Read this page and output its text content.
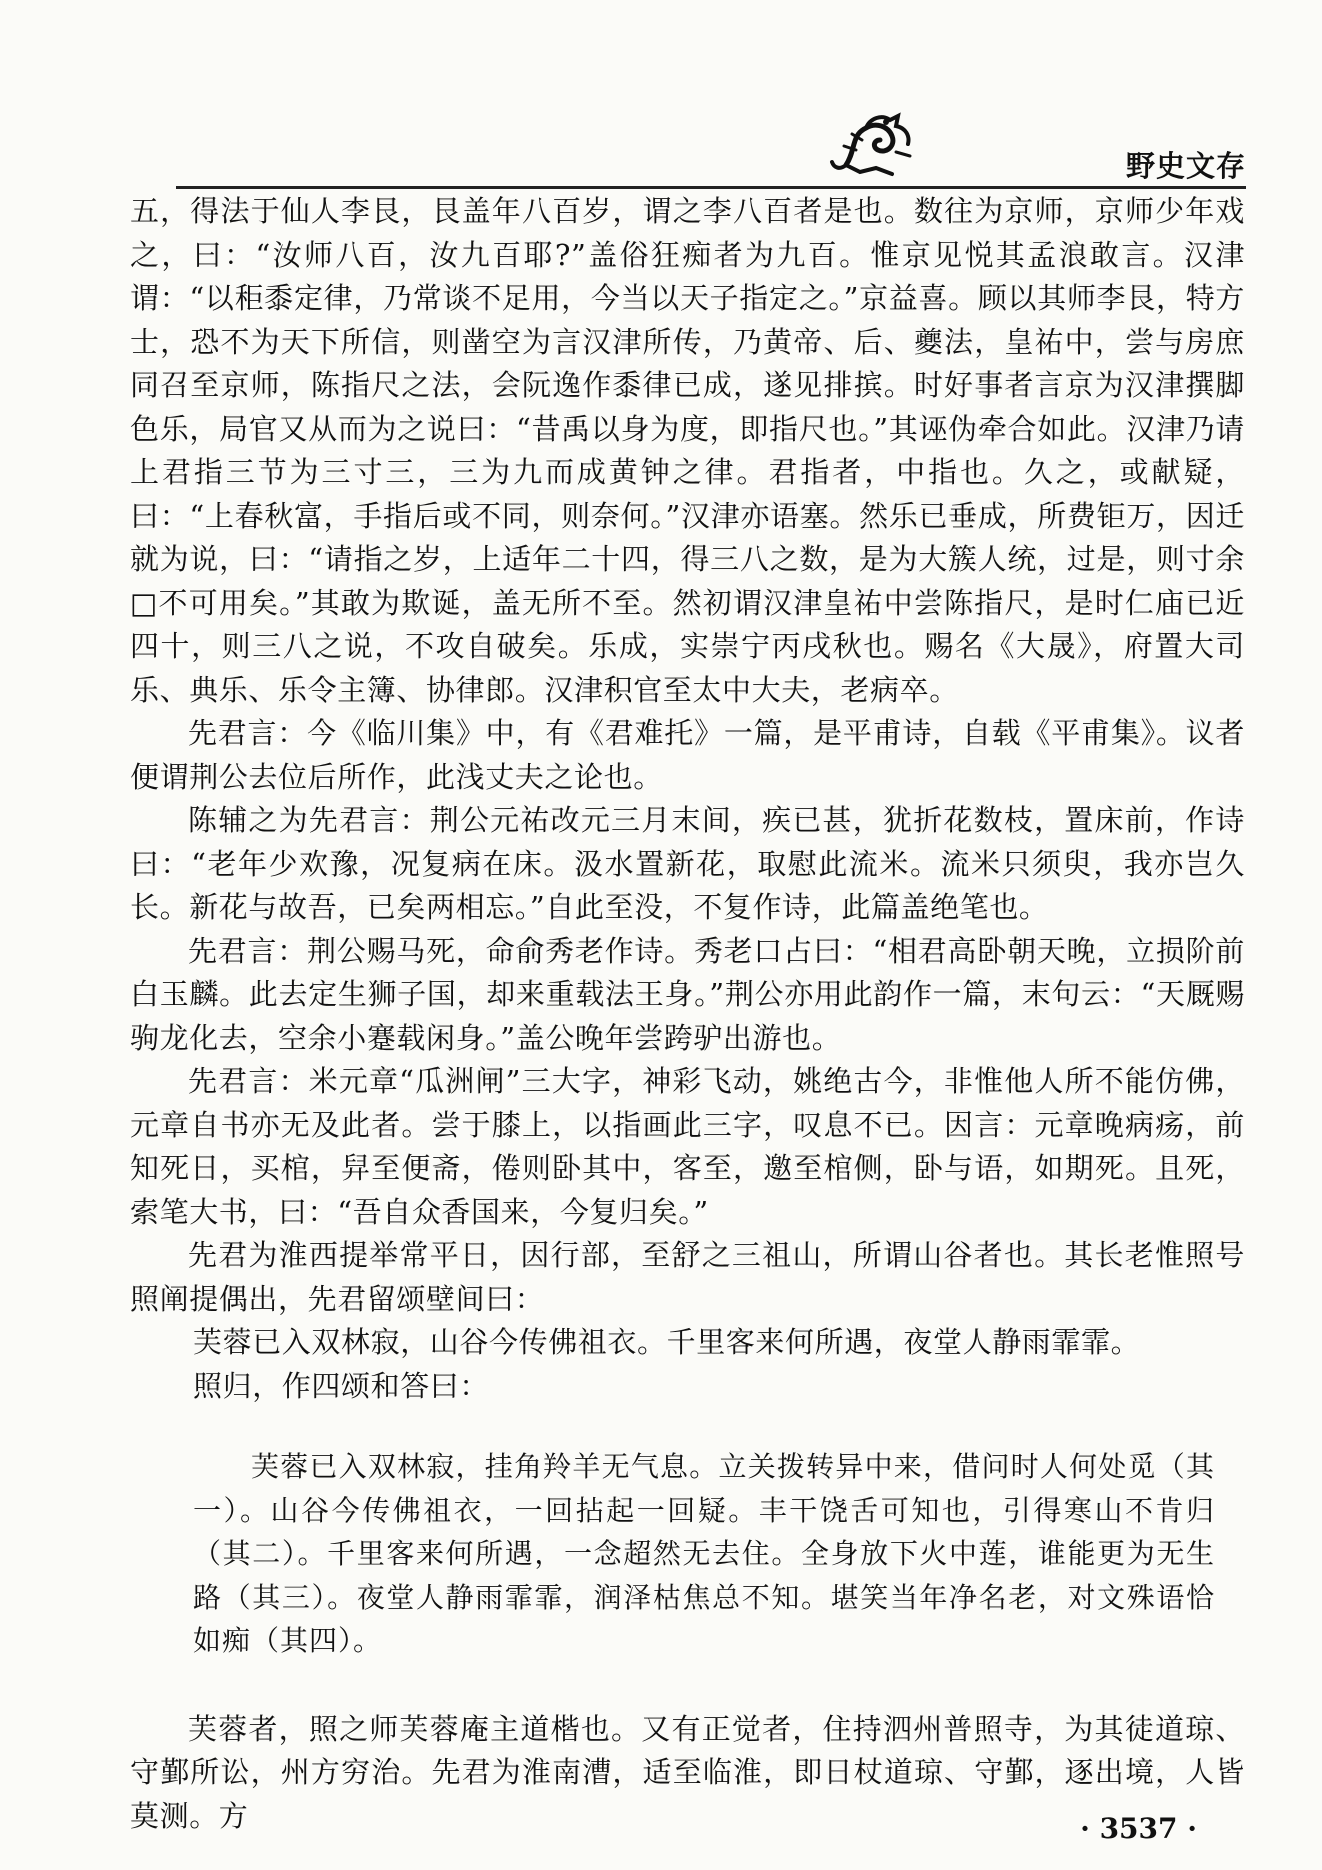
野史文存

五，得法于仙人李艮，艮盖年八百岁，谓之李八百者是也。数往为京师，京师少年戏之，曰：“汝师八百，汝九百耶?”盖俗狂痴者为九百。惟京见悦其孟浪敢言。汉津谓：“以秬黍定律，乃常谈不足用，今当以天子指定之。”京益喜。顾以其师李艮，特方士，恐不为天下所信，则凿空为言汉津所传，乃黄帝、后、夔法，皇祐中，尝与房庶同召至京师，陈指尺之法，会阮逸作黍律已成，遂见排摈。时好事者言京为汉津撰脚色乐，局官又从而为之说曰：“昔禹以身为度，即指尺也。”其诬伪牵合如此。汉津乃请上君指三节为三寸三，三为九而成黄钟之律。君指者，中指也。久之，或献疑，曰：“上春秋富，手指后或不同，则奈何。”汉津亦语塞。然乐已垂成，所费钜万，因迁就为说，曰：“请指之岁，上适年二十四，得三八之数，是为大簇人统，过是，则寸余□不可用矣。”其敢为欺诞，盖无所不至。然初谓汉津皇祐中尝陈指尺，是时仁庙已近四十，则三八之说，不攻自破矣。乐成，实崇宁丙戌秋也。赐名《大晟》，府置大司乐、典乐、乐令主簿、协律郎。汉津积官至太中大夫，老病卒。

先君言：今《临川集》中，有《君难托》一篇，是平甫诗，自载《平甫集》。议者便谓荆公去位后所作，此浅丈夫之论也。

陈辅之为先君言：荆公元祐改元三月末间，疾已甚，犹折花数枝，置床前，作诗曰：“老年少欢豫，况复病在床。汲水置新花，取慰此流米。流米只须臾，我亦岂久长。新花与故吾，已矣两相忘。”自此至没，不复作诗，此篇盖绝笔也。

先君言：荆公赐马死，命俞秀老作诗。秀老口占曰：“相君高卧朝天晚，立损阶前白玉麟。此去定生狮子国，却来重载法王身。”荆公亦用此韵作一篇，末句云：“天厩赐驹龙化去，空余小蹇载闲身。”盖公晚年尝跨驴出游也。

先君言：米元章“瓜洲闸”三大字，神彩飞动，姚绝古今，非惟他人所不能仿佛，元章自书亦无及此者。尝于膝上，以指画此三字，叹息不已。因言：元章晚病疡，前知死日，买棺，舁至便斋，倦则卧其中，客至，邀至棺侧，卧与语，如期死。且死，索笔大书，曰：“吾自众香国来，今复归矣。”

先君为淮西提举常平日，因行部，至舒之三祖山，所谓山谷者也。其长老惟照号照阐提偶出，先君留颂壁间曰：

芙蓉已入双林寂，山谷今传佛祖衣。千里客来何所遇，夜堂人静雨霏霏。

照归，作四颂和答曰：

芙蓉已入双林寂，挂角羚羊无气息。立关拨转异中来，借问时人何处觅（其一）。山谷今传佛祖衣，一回拈起一回疑。丰干饶舌可知也，引得寒山不肯归（其二）。千里客来何所遇，一念超然无去住。全身放下火中莲，谁能更为无生路（其三）。夜堂人静雨霏霏，润泽枯焦总不知。堪笑当年净名老，对文殊语恰如痴（其四）。

芙蓉者，照之师芙蓉庵主道楷也。又有正觉者，住持泗州普照寺，为其徒道琼、守鄞所讼，州方穷治。先君为淮南漕，适至临淮，即日杖道琼、守鄞，逐出境，人皆莫测。方	· 3537 ·
